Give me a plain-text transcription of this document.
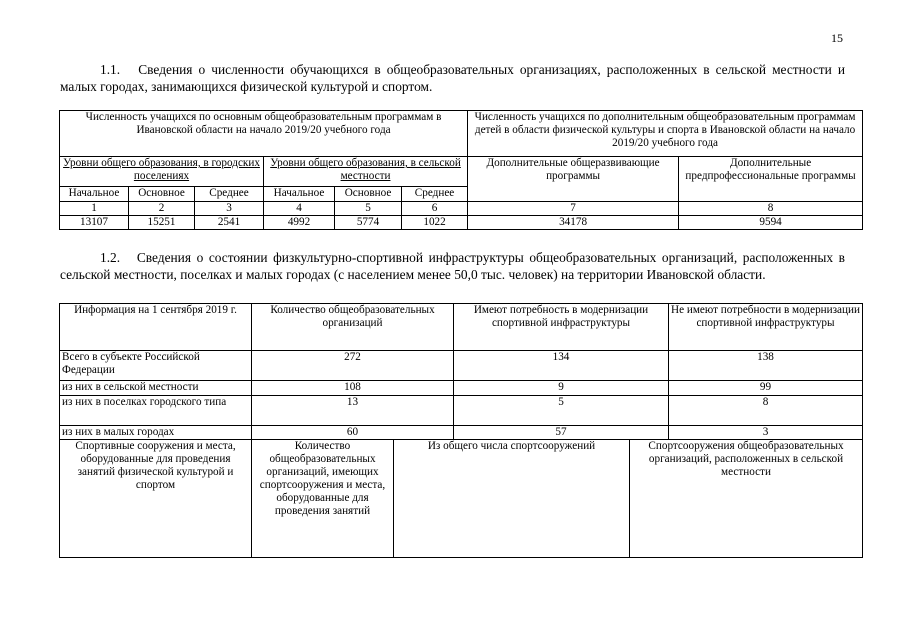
15
1.1. Сведения о численности обучающихся в общеобразовательных организациях, расположенных в сельской местности и малых городах, занимающихся физической культурой и спортом.
Численность учащихся по основным общеобразовательным программам в Ивановской области на начало 2019/20 учебного года						Численность учащихся по дополнительным общеобразовательным программам детей в области физической культуры и спорта в Ивановской области на начало 2019/20 учебного года	
Уровни общего образования, в городских поселениях			Уровни общего образования, в сельской местности			Дополнительные общеразвивающие программы	Дополнительные предпрофессиональные программы
Начальное	Основное	Среднее	Начальное	Основное	Среднее		
1	2	3	4	5	6	7	8
13107	15251	2541	4992	5774	1022	34178	9594
1.2. Сведения о состоянии физкультурно-спортивной инфраструктуры общеобразовательных организаций, расположенных в сельской местности, поселках и малых городах (с населением менее 50,0 тыс. человек) на территории Ивановской области.
Информация на 1 сентября 2019 г.	Количество общеобразовательных организаций		Имеют потребность в модернизации спортивной инфраструктуры		Не имеют потребности в модернизации спортивной инфраструктуры
Всего в субъекте Российской Федерации	272		134		138
из них в сельской местности	108		9		99
из них в поселках городского типа	13		5		8
из них в малых городах	60		57		3
Спортивные сооружения и места, оборудованные для проведения занятий физической культурой и спортом	Количество общеобразовательных организаций, имеющих спортсооружения и места, оборудованные для проведения занятий	Из общего числа спортсооружений		Спортсооружения общеобразовательных организаций, расположенных в сельской местности	
